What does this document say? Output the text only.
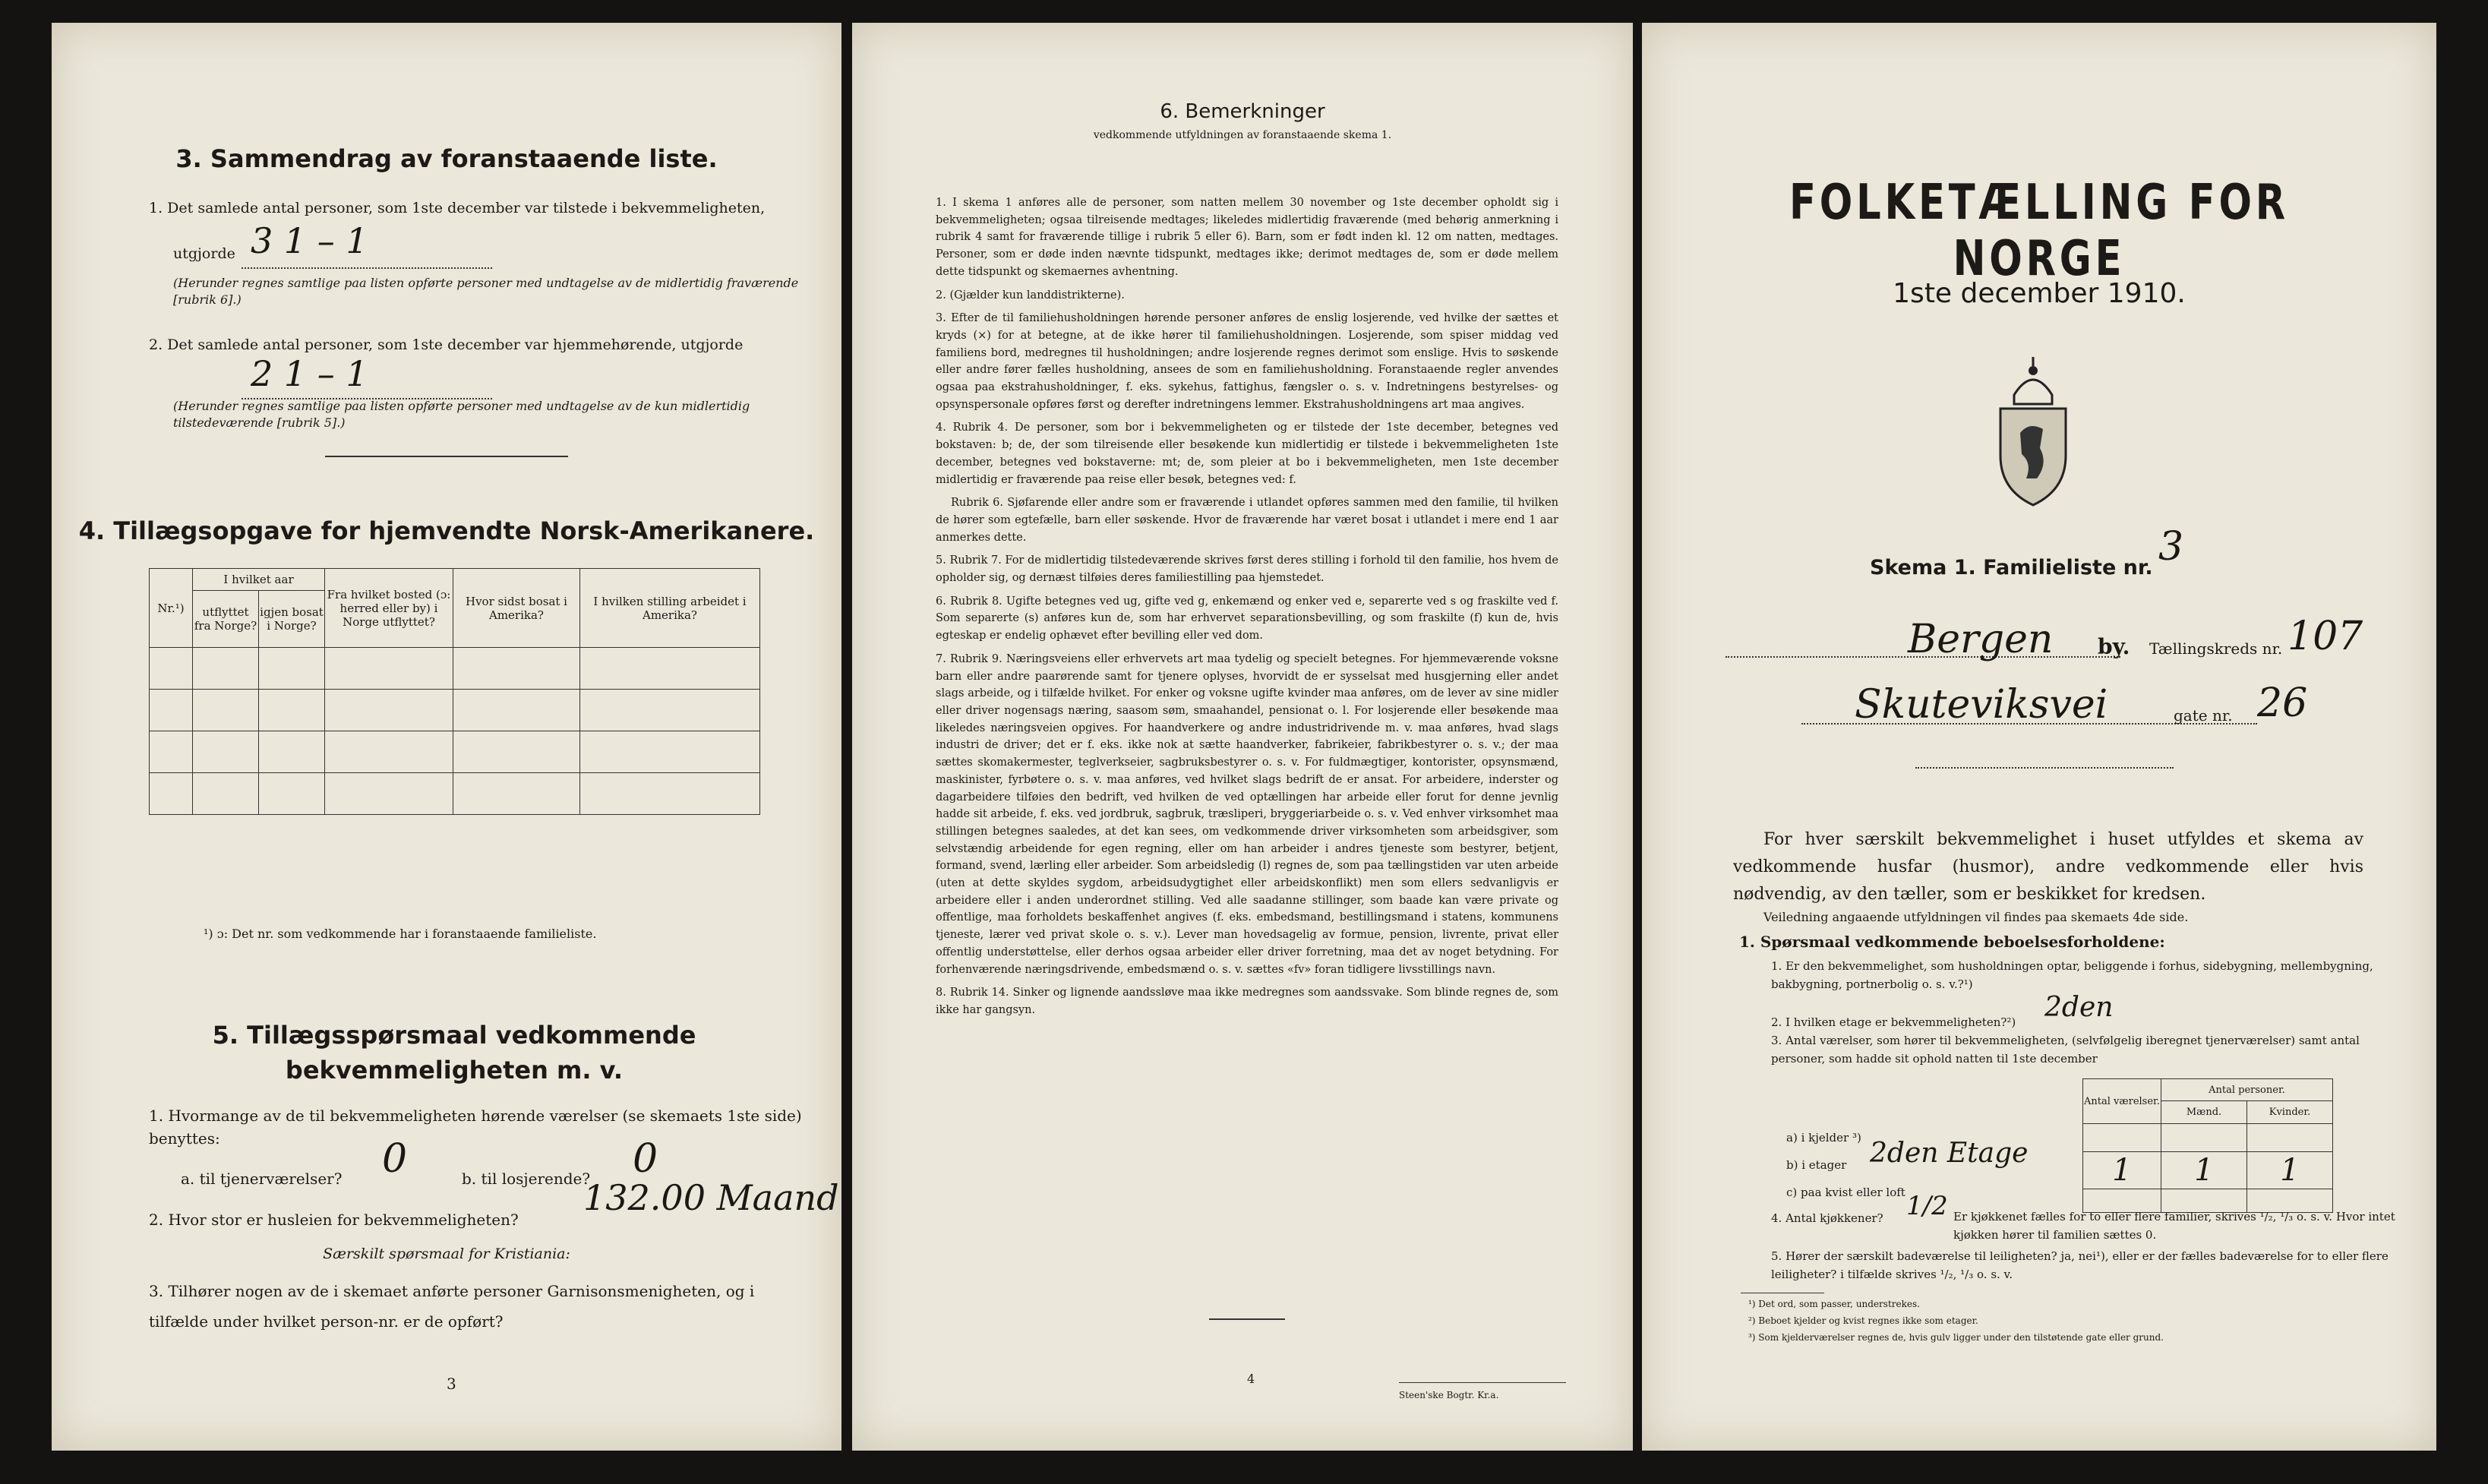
3. Sammendrag av foranstaaende liste.
1. Det samlede antal personer, som 1ste december var tilstede i bekvemmeligheten,
utgjorde 3 1 – 1
(Herunder regnes samtlige paa listen opførte personer med undtagelse av de midlertidig fraværende [rubrik 6].)
2. Det samlede antal personer, som 1ste december var hjemmehørende, utgjorde
2 1 – 1
(Herunder regnes samtlige paa listen opførte personer med undtagelse av de kun midlertidig tilstedeværende [rubrik 5].)
4. Tillægsopgave for hjemvendte Norsk-Amerikanere.
Nr.¹)	I hvilket aar		Fra hvilket bosted (ɔ: herred eller by) i Norge utflyttet?	Hvor sidst bosat i Amerika?	I hvilken stilling arbeidet i Amerika?
	utflyttet fra Norge?	igjen bosat i Norge?			

¹) ɔ: Det nr. som vedkommende har i foranstaaende familieliste.
5. Tillægsspørsmaal vedkommende bekvemmeligheten m. v.
1. Hvormange av de til bekvemmeligheten hørende værelser (se skemaets 1ste side) benyttes:
a. til tjenerværelser? 0	b. til losjerende? 0
2. Hvor stor er husleien for bekvemmeligheten?
132.00 Maand
Særskilt spørsmaal for Kristiania:
3. Tilhører nogen av de i skemaet anførte personer Garnisonsmenigheten, og i tilfælde under hvilket person-nr. er de opført?
3
6. Bemerkninger
vedkommende utfyldningen av foranstaaende skema 1.

1. I skema 1 anføres alle de personer, som natten mellem 30 november og 1ste december opholdt sig i bekvemmeligheten; ogsaa tilreisende medtages; likeledes midlertidig fraværende (med behørig anmerkning i rubrik 4 samt for fraværende tillige i rubrik 5 eller 6). Barn, som er født inden kl. 12 om natten, medtages. Personer, som er døde inden nævnte tidspunkt, medtages ikke; derimot medtages de, som er døde mellem dette tidspunkt og skemaernes avhentning.

2. (Gjælder kun landdistrikterne).

3. Efter de til familiehusholdningen hørende personer anføres de enslig losjerende, ved hvilke der sættes et kryds (×) for at betegne, at de ikke hører til familiehusholdningen. Losjerende, som spiser middag ved familiens bord, medregnes til husholdningen; andre losjerende regnes derimot som enslige. Hvis to søskende eller andre fører fælles husholdning, ansees de som en familiehusholdning. Foranstaaende regler anvendes ogsaa paa ekstrahusholdninger, f. eks. sykehus, fattighus, fængsler o. s. v. Indretningens bestyrelses- og opsynspersonale opføres først og derefter indretningens lemmer. Ekstrahusholdningens art maa angives.

4. Rubrik 4. De personer, som bor i bekvemmeligheten og er tilstede der 1ste december, betegnes ved bokstaven: b; de, der som tilreisende eller besøkende kun midlertidig er tilstede i bekvemmeligheten 1ste december, betegnes ved bokstaverne: mt; de, som pleier at bo i bekvemmeligheten, men 1ste december midlertidig er fraværende paa reise eller besøk, betegnes ved: f.

Rubrik 6. Sjøfarende eller andre som er fraværende i utlandet opføres sammen med den familie, til hvilken de hører som egtefælle, barn eller søskende. Hvor de fraværende har været bosat i utlandet i mere end 1 aar anmerkes dette.

5. Rubrik 7. For de midlertidig tilstedeværende skrives først deres stilling i forhold til den familie, hos hvem de opholder sig, og dernæst tilføies deres familiestilling paa hjemstedet.

6. Rubrik 8. Ugifte betegnes ved ug, gifte ved g, enkemænd og enker ved e, separerte ved s og fraskilte ved f. Som separerte (s) anføres kun de, som har erhvervet separationsbevilling, og som fraskilte (f) kun de, hvis egteskap er endelig ophævet efter bevilling eller ved dom.

7. Rubrik 9. Næringsveiens eller erhvervets art maa tydelig og specielt betegnes. For hjemmeværende voksne barn eller andre paarørende samt for tjenere oplyses, hvorvidt de er sysselsat med husgjerning eller andet slags arbeide, og i tilfælde hvilket. For enker og voksne ugifte kvinder maa anføres, om de lever av sine midler eller driver nogensags næring, saasom søm, smaahandel, pensionat o. l. For losjerende eller besøkende maa likeledes næringsveien opgives. For haandverkere og andre industridrivende m. v. maa anføres, hvad slags industri de driver; det er f. eks. ikke nok at sætte haandverker, fabrikeier, fabrikbestyrer o. s. v.; der maa sættes skomakermester, teglverkseier, sagbruksbestyrer o. s. v. For fuldmægtiger, kontorister, opsynsmænd, maskinister, fyrbøtere o. s. v. maa anføres, ved hvilket slags bedrift de er ansat. For arbeidere, inderster og dagarbeidere tilføies den bedrift, ved hvilken de ved optællingen har arbeide eller forut for denne jevnlig hadde sit arbeide, f. eks. ved jordbruk, sagbruk, træsliperi, bryggeriarbeide o. s. v. Ved enhver virksomhet maa stillingen betegnes saaledes, at det kan sees, om vedkommende driver virksomheten som arbeidsgiver, som selvstændig arbeidende for egen regning, eller om han arbeider i andres tjeneste som bestyrer, betjent, formand, svend, lærling eller arbeider. Som arbeidsledig (l) regnes de, som paa tællingstiden var uten arbeide (uten at dette skyldes sygdom, arbeidsudygtighet eller arbeidskonflikt) men som ellers sedvanligvis er arbeidere eller i anden underordnet stilling. Ved alle saadanne stillinger, som baade kan være private og offentlige, maa forholdets beskaffenhet angives (f. eks. embedsmand, bestillingsmand i statens, kommunens tjeneste, lærer ved privat skole o. s. v.). Lever man hovedsagelig av formue, pension, livrente, privat eller offentlig understøttelse, eller derhos ogsaa arbeider eller driver forretning, maa det av noget betydning. For forhenværende næringsdrivende, embedsmænd o. s. v. sættes «fv» foran tidligere livsstillings navn.

8. Rubrik 14. Sinker og lignende aandssløve maa ikke medregnes som aandssvake. Som blinde regnes de, som ikke har gangsyn.

4
Steen'ske Bogtr. Kr.a.
FOLKETÆLLING FOR NORGE
1ste december 1910.
Skema 1. Familieliste nr. 3
Bergen by. Tællingskreds nr. 107
Skuteviksvei	gate nr. 26
For hver særskilt bekvemmelighet i huset utfyldes et skema av vedkommende husfar (husmor), andre vedkommende eller hvis nødvendig, av den tæller, som er beskikket for kredsen.
Veiledning angaaende utfyldningen vil findes paa skemaets 4de side.
1. Spørsmaal vedkommende beboelsesforholdene:
1. Er den bekvemmelighet, som husholdningen optar, beliggende i forhus, sidebygning, mellembygning, bakbygning, portnerbolig o. s. v.?¹)
2. I hvilken etage er bekvemmeligheten?²) 2den
3. Antal værelser, som hører til bekvemmeligheten, (selvfølgelig iberegnet tjenerværelser) samt antal personer, som hadde sit ophold natten til 1ste december
Antal værelser.	Antal personer.	
	Mænd.	Kvinder.

1	1	1

a) i kjelder ³)
b) i etager 2den Etage
c) paa kvist eller loft
4. Antal kjøkkener? 1/2 Er kjøkkenet fælles for to eller flere familier, skrives ¹/₂, ¹/₃ o. s. v. Hvor intet kjøkken hører til familien sættes 0.
5. Hører der særskilt badeværelse til leiligheten? ja, nei¹), eller er der fælles badeværelse for to eller flere leiligheter? i tilfælde skrives ¹/₂, ¹/₃ o. s. v.
¹) Det ord, som passer, understrekes.
²) Beboet kjelder og kvist regnes ikke som etager.
³) Som kjelderværelser regnes de, hvis gulv ligger under den tilstøtende gate eller grund.
